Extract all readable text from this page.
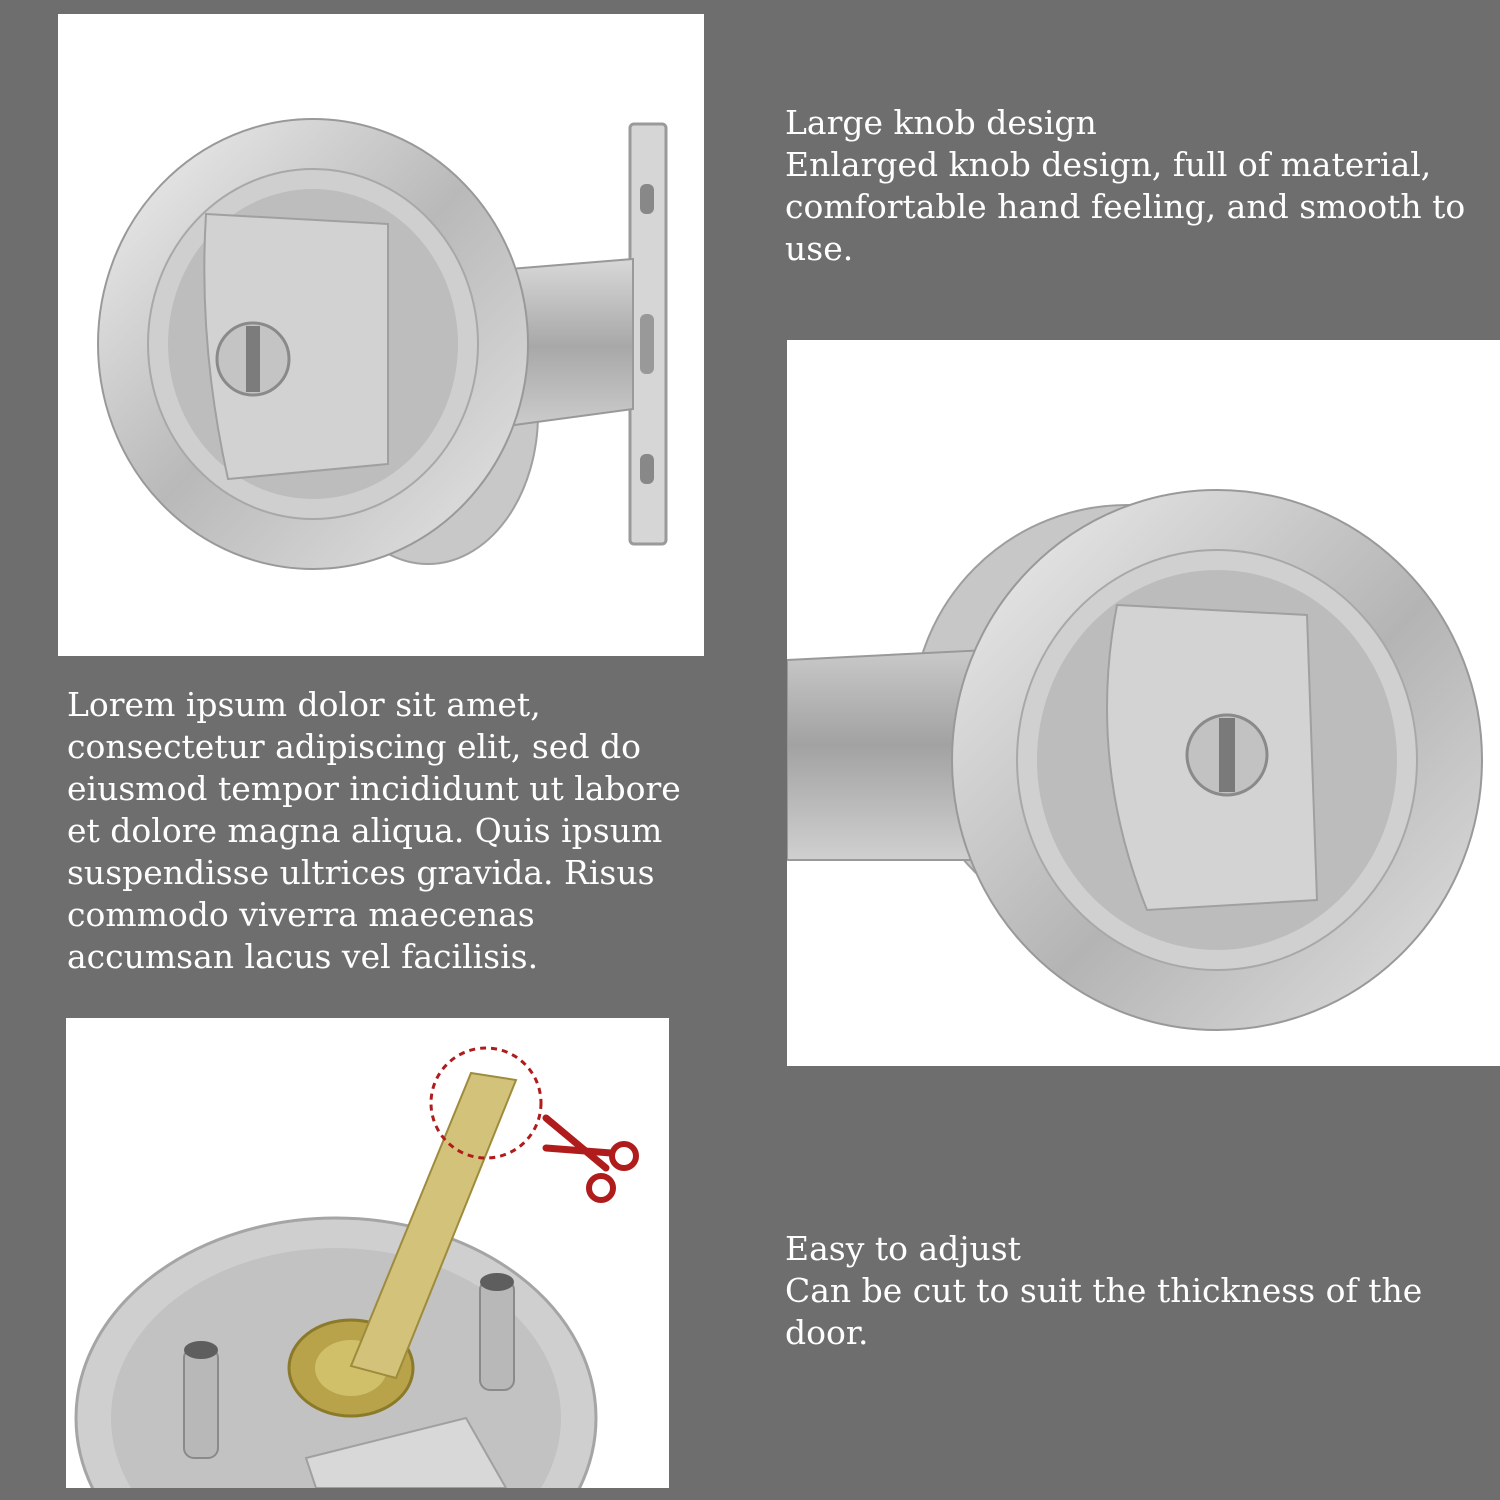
Large knob design
Enlarged knob design, full of material, comfortable hand feeling, and smooth to use.

Lorem ipsum dolor sit amet, consectetur adipiscing elit, sed do eiusmod tempor incididunt ut labore et dolore magna aliqua. Quis ipsum suspendisse ultrices gravida. Risus commodo viverra maecenas accumsan lacus vel facilisis.

Easy to adjust
Can be cut to suit the thickness of the door.
